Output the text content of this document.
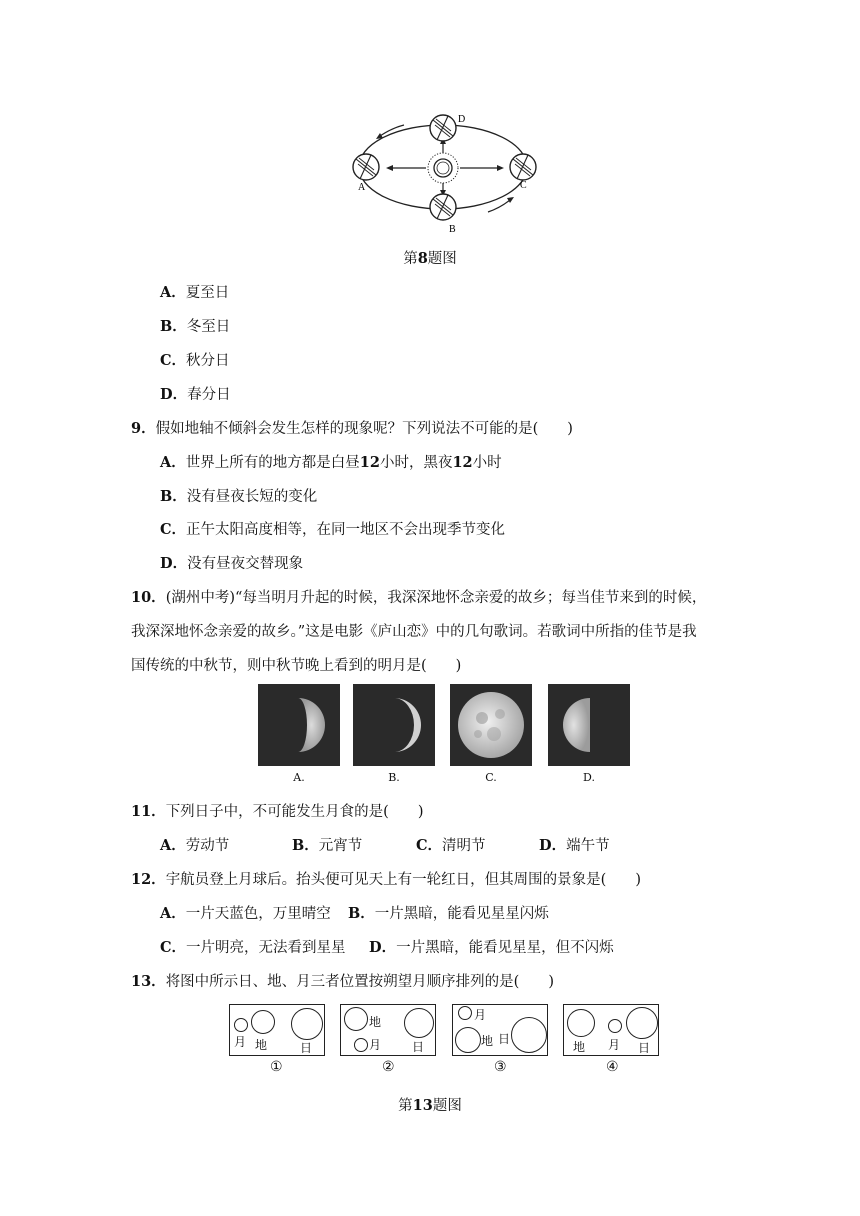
A
B
C
D
第8题图
A．夏至日
B．冬至日
C．秋分日
D．春分日
9．假如地轴不倾斜会发生怎样的现象呢？下列说法不可能的是(　　)
A．世界上所有的地方都是白昼12小时，黑夜12小时
B．没有昼夜长短的变化
C．正午太阳高度相等，在同一地区不会出现季节变化
D．没有昼夜交替现象
10．(湖州中考)“每当明月升起的时候，我深深地怀念亲爱的故乡；每当佳节来到的时候，
我深深地怀念亲爱的故乡。”这是电影《庐山恋》中的几句歌词。若歌词中所指的佳节是我
国传统的中秋节，则中秋节晚上看到的明月是(　　)
A.	B.	C.	D.
11．下列日子中，不可能发生月食的是(　　)
A．劳动节	B．元宵节	C．清明节	D．端午节
12．宇航员登上月球后。抬头便可见天上有一轮红日，但其周围的景象是(　　)
A．一片天蓝色，万里晴空 B．一片黑暗，能看见星星闪烁
C．一片明亮，无法看到星星 D．一片黑暗，能看见星星，但不闪烁
13．将图中所示日、地、月三者位置按朔望月顺序排列的是(　　)
月 地	日
地
月	日
月
地 日
地 月 日
①	②	③	④
第13题图
